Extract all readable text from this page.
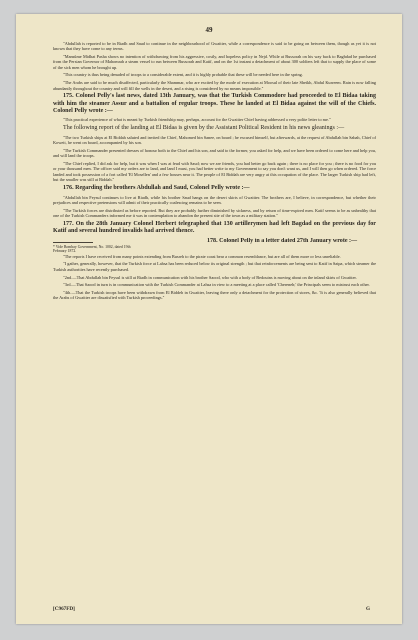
49

"Abdullah is reported to be in Riadh and Saud to continue in the neighbourhood of Gwaitter, while a correspondence is said to be going on between them, though as yet it is not known that they have come to any terms.

"Mansûme Midhat Pasha shows no intention of withdrawing from his aggressive, costly, and hopeless policy in Nejd. While at Bussorah on his way back to Baghdad he purchased from the Persian Governor of Mahomrah a steam vessel to run between Bussorah and Katif, and on the 1st instant a detachment of about 300 soldiers left that to supply the place of some of the sick men whom he brought up.

"This country is thus being denuded of troops to a considerable extent, and it is highly probable that these will be needed here in the spring.

"The Arabs are said to be much disaffected, particularly the Shammar, who are excited by the mode of execution at Moosul of their late Sheikh, Abdul Kurreem. Rain is now falling abundantly throughout the country and will fill the wells in the desert, and a rising is considered by no means impossible."

175. Colonel Pelly's last news, dated 13th January, was that the Turkish Commodore had proceeded to El Bidaa taking with him the steamer Assur and a battalion of regular troops. These he landed at El Bidaa against the will of the Chiefs. Colonel Pelly wrote :—

"This practical experience of what is meant by Turkish friendship may, perhaps, account for the Gwaitter Chief having addressed a very polite letter to me."

The following report of the landing at El Bidaa is given by the Assistant Political Resident in his news gleanings :—

"The two Turkish ships at El Biddah saluted and invited the Chief, Mahomed bin Sanee, on board ; he excused himself, but afterwards, at the request of Abdullah bin Sabah, Chief of Koweit, he went on board, accompanied by his son.

"The Turkish Commander presented dresses of honour both to the Chief and his son, and said to the former, you asked for help, and we have been ordered to come here and help you, and will land the troops.

"The Chief replied, I did ask for help, but it was when I was at feud with Saud; now we are friends, you had better go back again ; there is no place for you ; there is no food for you or your thousand men. The officer said my orders are to land, and land I must, you had better write to my Government to say you don't want us, and I will then go when ordered. The force landed and took possession of a fort called 'El Mosellen' and a few houses near it. The people of El Biddah are very angry at this occupation of the place. The larger Turkish ship had left, but the smaller was still at Biddah."

176. Regarding the brothers Abdullah and Saud, Colonel Pelly wrote :—

"Abdullah bin Feysul continues to live at Riadh, while his brother Saud hangs on the desert skirts of Gwaitter. The brothers are, I believe, in correspondence, but whether their prejudices and respective pretensions will admit of their practically coalescing remains to be seen.

"The Turkish forces are distributed as before reported. But they are probably further diminished by sickness, and by return of time-expired men. Katif seems to be as unhealthy that one of the Turkish Commanders informed me it was in contemplation to abandon the present site of the town as a military station."

177. On the 28th January Colonel Herbert telegraphed that 130 artillerymen had left Bagdad on the previous day for Katif and several hundred invalids had arrived thence.

* Vide Bombay Government, No. 1002, dated 19th
February 1872.

178. Colonel Pelly in a letter dated 27th January wrote :—

"The reports I have received from many points extending from Busreh to the pirate coast bear a common resemblance, but are all of them more or less unreliable.

"I gather, generally, however, that the Turkish force at Lahsa has been reduced below its original strength ; but that reinforcements are being sent to Katif in Saipa, which steamer the Turkish authorities have recently purchased.

"2nd.—That Abdullah bin Feysul is still at Riadh in communication with his brother Saood, who with a body of Bedouins is moving about on the inland skirts of Gwaitter.

"3rd.—That Saood in turn is in communication with the Turkish Commander at Lahsa in view to a meeting at a place called 'Chereneh;' the Principals seem to mistrust each other.

"4th.—That the Turkish troops have been withdrawn from El Biddeh in Gwaitter, leaving there only a detachment for the protection of stores, &c. 'It is also generally believed that the Arabs of Gwaitter are dissatisfied with Turkish proceedings."

[C967FD]	G
